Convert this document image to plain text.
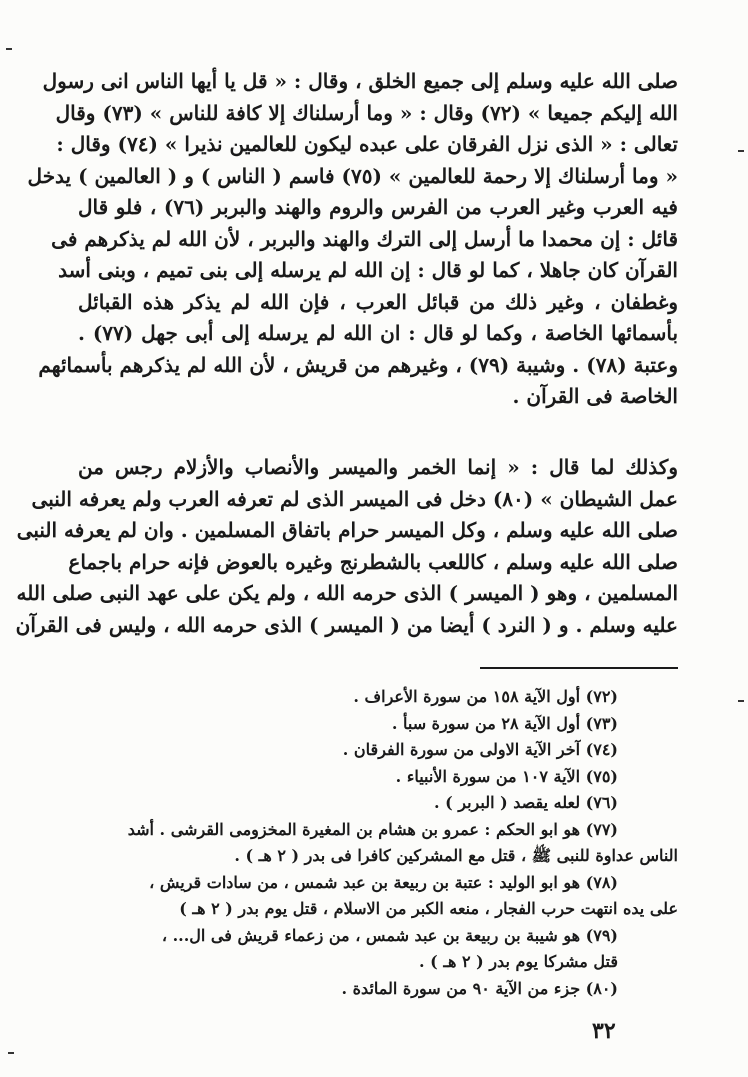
صلى الله عليه وسلم إلى جميع الخلق ، وقال : « قل يا أيها الناس انى رسول
الله إليكم جميعا » (٧٢) وقال : « وما أرسلناك إلا كافة للناس » (٧٣) وقال
تعالى : « الذى نزل الفرقان على عبده ليكون للعالمين نذيرا » (٧٤) وقال :
« وما أرسلناك إلا رحمة للعالمين » (٧٥) فاسم ( الناس ) و ( العالمين ) يدخل
فيه العرب وغير العرب من الفرس والروم والهند والبربر (٧٦) ، فلو قال
قائل : إن محمدا ما أرسل إلى الترك والهند والبربر ، لأن الله لم يذكرهم فى
القرآن كان جاهلا ، كما لو قال : إن الله لم يرسله إلى بنى تميم ، وبنى أسد
وغطفان ، وغير ذلك من قبائل العرب ، فإن الله لم يذكر هذه القبائل
بأسمائها الخاصة ، وكما لو قال : ان الله لم يرسله إلى أبى جهل (٧٧) .
وعتبة (٧٨) . وشيبة (٧٩) ، وغيرهم من قريش ، لأن الله لم يذكرهم بأسمائهم
الخاصة فى القرآن .
وكذلك لما قال : « إنما الخمر والميسر والأنصاب والأزلام رجس من
عمل الشيطان » (٨٠) دخل فى الميسر الذى لم تعرفه العرب ولم يعرفه النبى
صلى الله عليه وسلم ، وكل الميسر حرام باتفاق المسلمين . وان لم يعرفه النبى
صلى الله عليه وسلم ، كاللعب بالشطرنج وغيره بالعوض فإنه حرام باجماع
المسلمين ، وهو ( الميسر ) الذى حرمه الله ، ولم يكن على عهد النبى صلى الله
عليه وسلم . و ( النرد ) أيضا من ( الميسر ) الذى حرمه الله ، وليس فى القرآن
(٧٢) أول الآية ١٥٨ من سورة الأعراف .
(٧٣) أول الآية ٢٨ من سورة سبأ .
(٧٤) آخر الآية الاولى من سورة الفرقان .
(٧٥) الآية ١٠٧ من سورة الأنبياء .
(٧٦) لعله يقصد ( البربر ) .
(٧٧) هو ابو الحكم : عمرو بن هشام بن المغيرة المخزومى القرشى . أشد
الناس عداوة للنبى ﷺ ، قتل مع المشركين كافرا فى بدر ( ٢ هـ ) .
(٧٨) هو ابو الوليد : عتبة بن ربيعة بن عبد شمس ، من سادات قريش ،
على يده انتهت حرب الفجار ، منعه الكبر من الاسلام ، قتل يوم بدر ( ٢ هـ )
(٧٩) هو شيبة بن ربيعة بن عبد شمس ، من زعماء قريش فى ال... ،
قتل مشركا يوم بدر ( ٢ هـ ) .
(٨٠) جزء من الآية ٩٠ من سورة المائدة .
٣٢
